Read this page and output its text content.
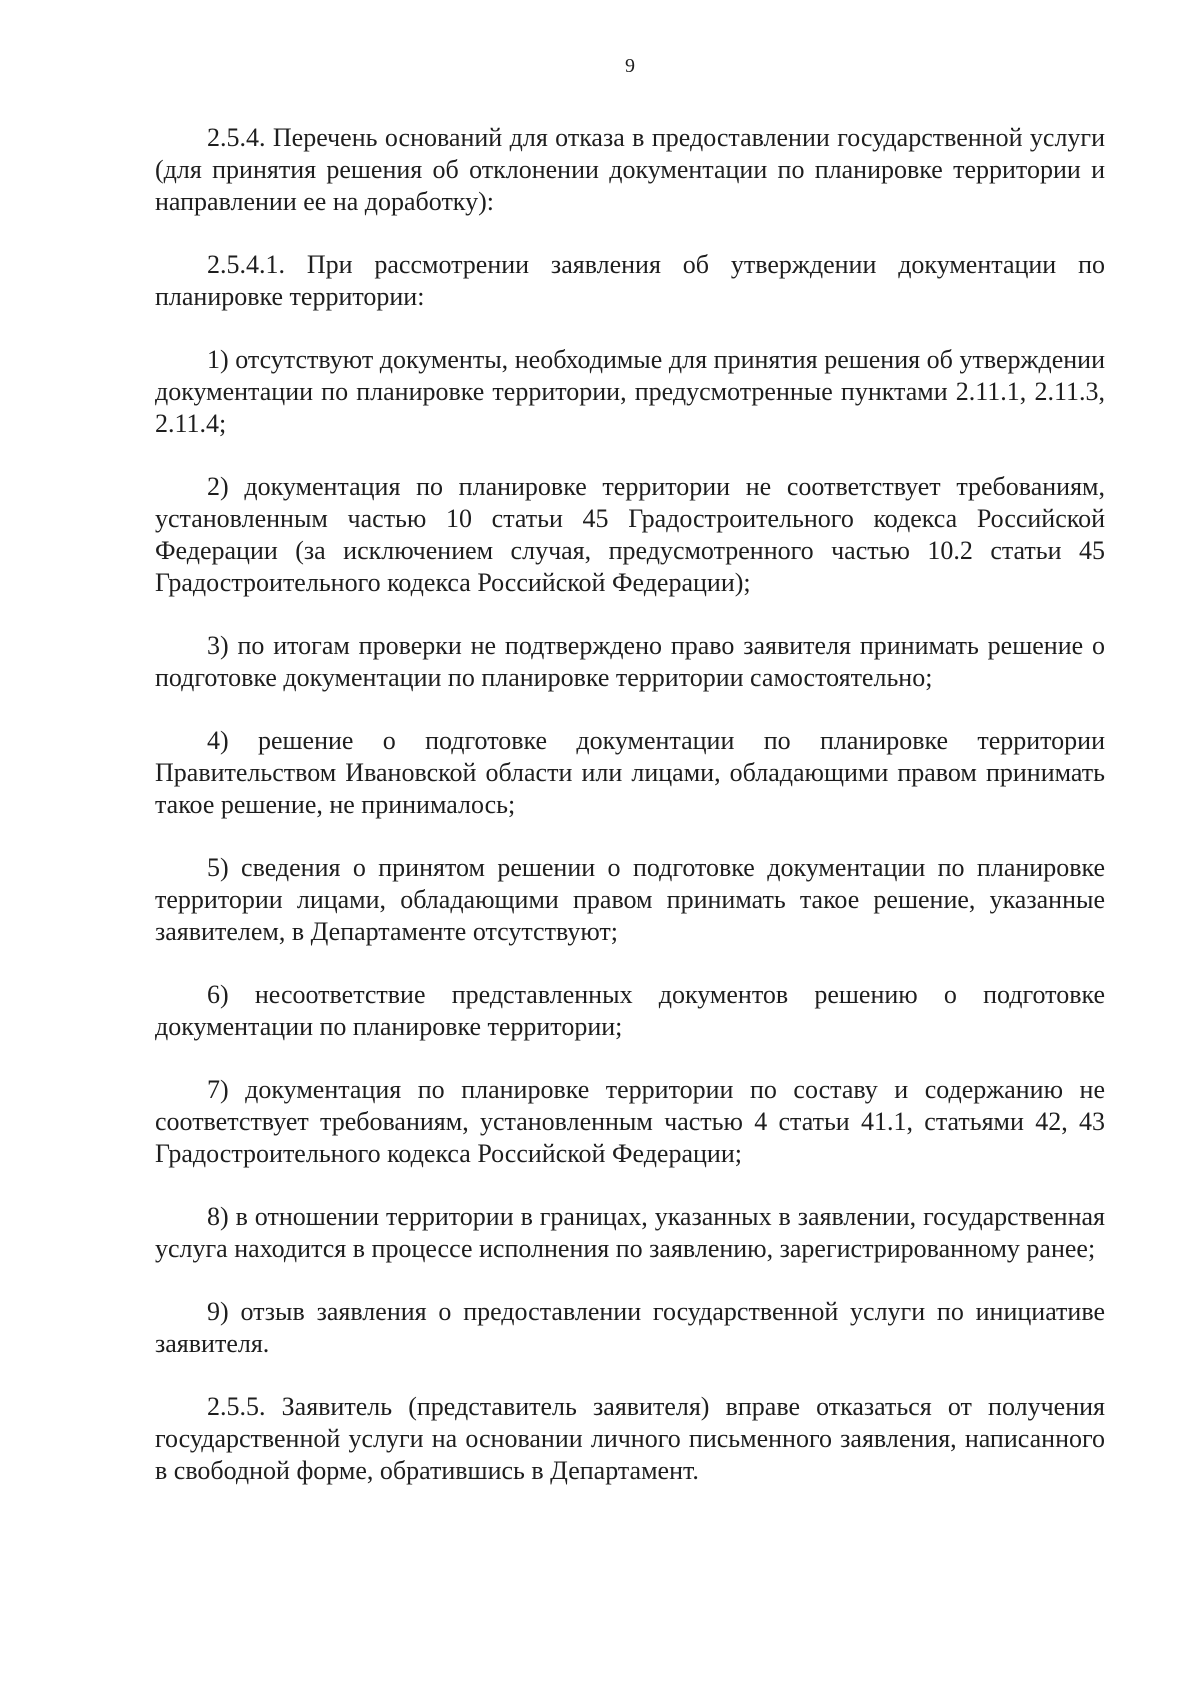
9

2.5.4. Перечень оснований для отказа в предоставлении государственной услуги (для принятия решения об отклонении документации по планировке территории и направлении ее на доработку):

2.5.4.1. При рассмотрении заявления об утверждении документации по планировке территории:

1) отсутствуют документы, необходимые для принятия решения об утверждении документации по планировке территории, предусмотренные пунктами 2.11.1, 2.11.3, 2.11.4;

2) документация по планировке территории не соответствует требованиям, установленным частью 10 статьи 45 Градостроительного кодекса Российской Федерации (за исключением случая, предусмотренного частью 10.2 статьи 45 Градостроительного кодекса Российской Федерации);

3) по итогам проверки не подтверждено право заявителя принимать решение о подготовке документации по планировке территории самостоятельно;

4) решение о подготовке документации по планировке территории Правительством Ивановской области или лицами, обладающими правом принимать такое решение, не принималось;

5) сведения о принятом решении о подготовке документации по планировке территории лицами, обладающими правом принимать такое решение, указанные заявителем, в Департаменте отсутствуют;

6) несоответствие представленных документов решению о подготовке документации по планировке территории;

7) документация по планировке территории по составу и содержанию не соответствует требованиям, установленным частью 4 статьи 41.1, статьями 42, 43 Градостроительного кодекса Российской Федерации;

8) в отношении территории в границах, указанных в заявлении, государственная услуга находится в процессе исполнения по заявлению, зарегистрированному ранее;

9) отзыв заявления о предоставлении государственной услуги по инициативе заявителя.

2.5.5. Заявитель (представитель заявителя) вправе отказаться от получения государственной услуги на основании личного письменного заявления, написанного в свободной форме, обратившись в Департамент.
